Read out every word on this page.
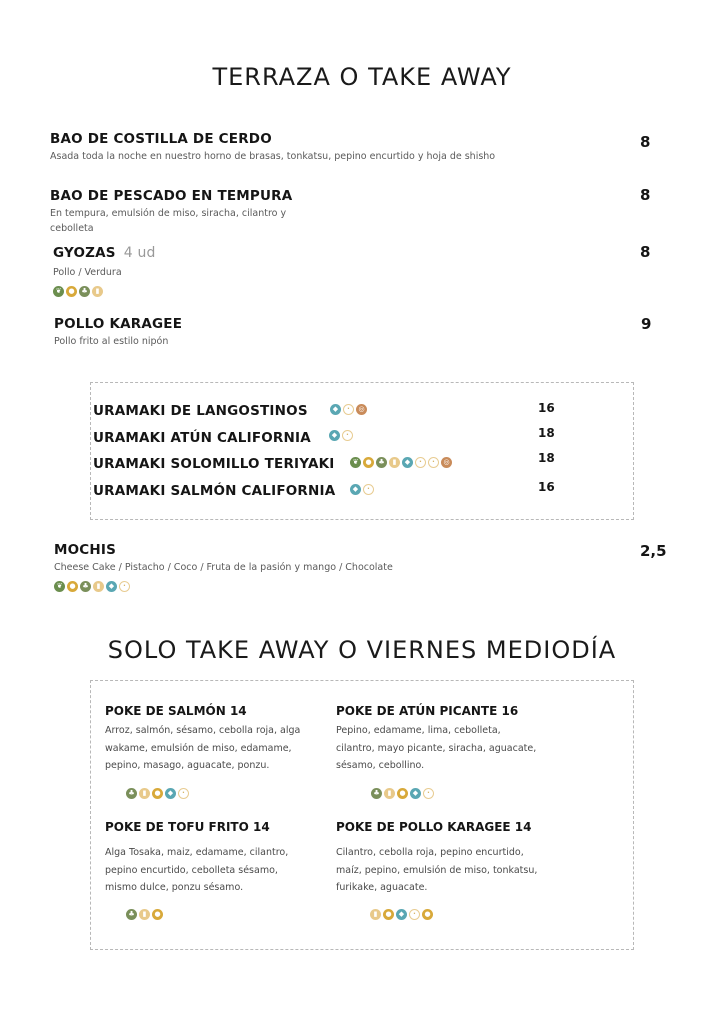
TERRAZA O TAKE AWAY
BAO DE COSTILLA DE CERDO
Asada toda la noche en nuestro horno de brasas, tonkatsu, pepino encurtido y hoja de shisho
8
BAO DE PESCADO EN TEMPURA
En tempura, emulsión de miso, siracha, cilantro y cebolleta
8
GYOZAS 4 ud
Pollo / Verdura
8
❦	● ♣	▮
POLLO KARAGEE
Pollo frito al estilo nipón
9
URAMAKI DE LANGOSTINOS	◆	·	◎	16
URAMAKI ATÚN CALIFORNIA	◆	·	18
URAMAKI SOLOMILLO TERIYAKI	❦	● ♣	▮	◆	·	·	◎	18
URAMAKI SALMÓN CALIFORNIA	◆	·	16
MOCHIS
Cheese Cake / Pistacho / Coco / Fruta de la pasión y mango / Chocolate
2,5
❦	● ♣	▮	◆	·
SOLO TAKE AWAY O VIERNES MEDIODÍA
POKE DE SALMÓN 14
Arroz, salmón, sésamo, cebolla roja, alga wakame, emulsión de miso, edamame, pepino, masago, aguacate, ponzu.
♣	▮	●	◆	·
POKE DE ATÚN PICANTE 16
Pepino, edamame, lima, cebolleta, cilantro, mayo picante, siracha, aguacate, sésamo, cebollino.
♣	▮	●	◆	·
POKE DE TOFU FRITO 14
Alga Tosaka, maiz, edamame, cilantro, pepino encurtido, cebolleta sésamo, mismo dulce, ponzu sésamo.
♣	▮	●
POKE DE POLLO KARAGEE 14
Cilantro, cebolla roja, pepino encurtido, maíz, pepino, emulsión de miso, tonkatsu, furikake, aguacate.
▮	●	◆	·	●
